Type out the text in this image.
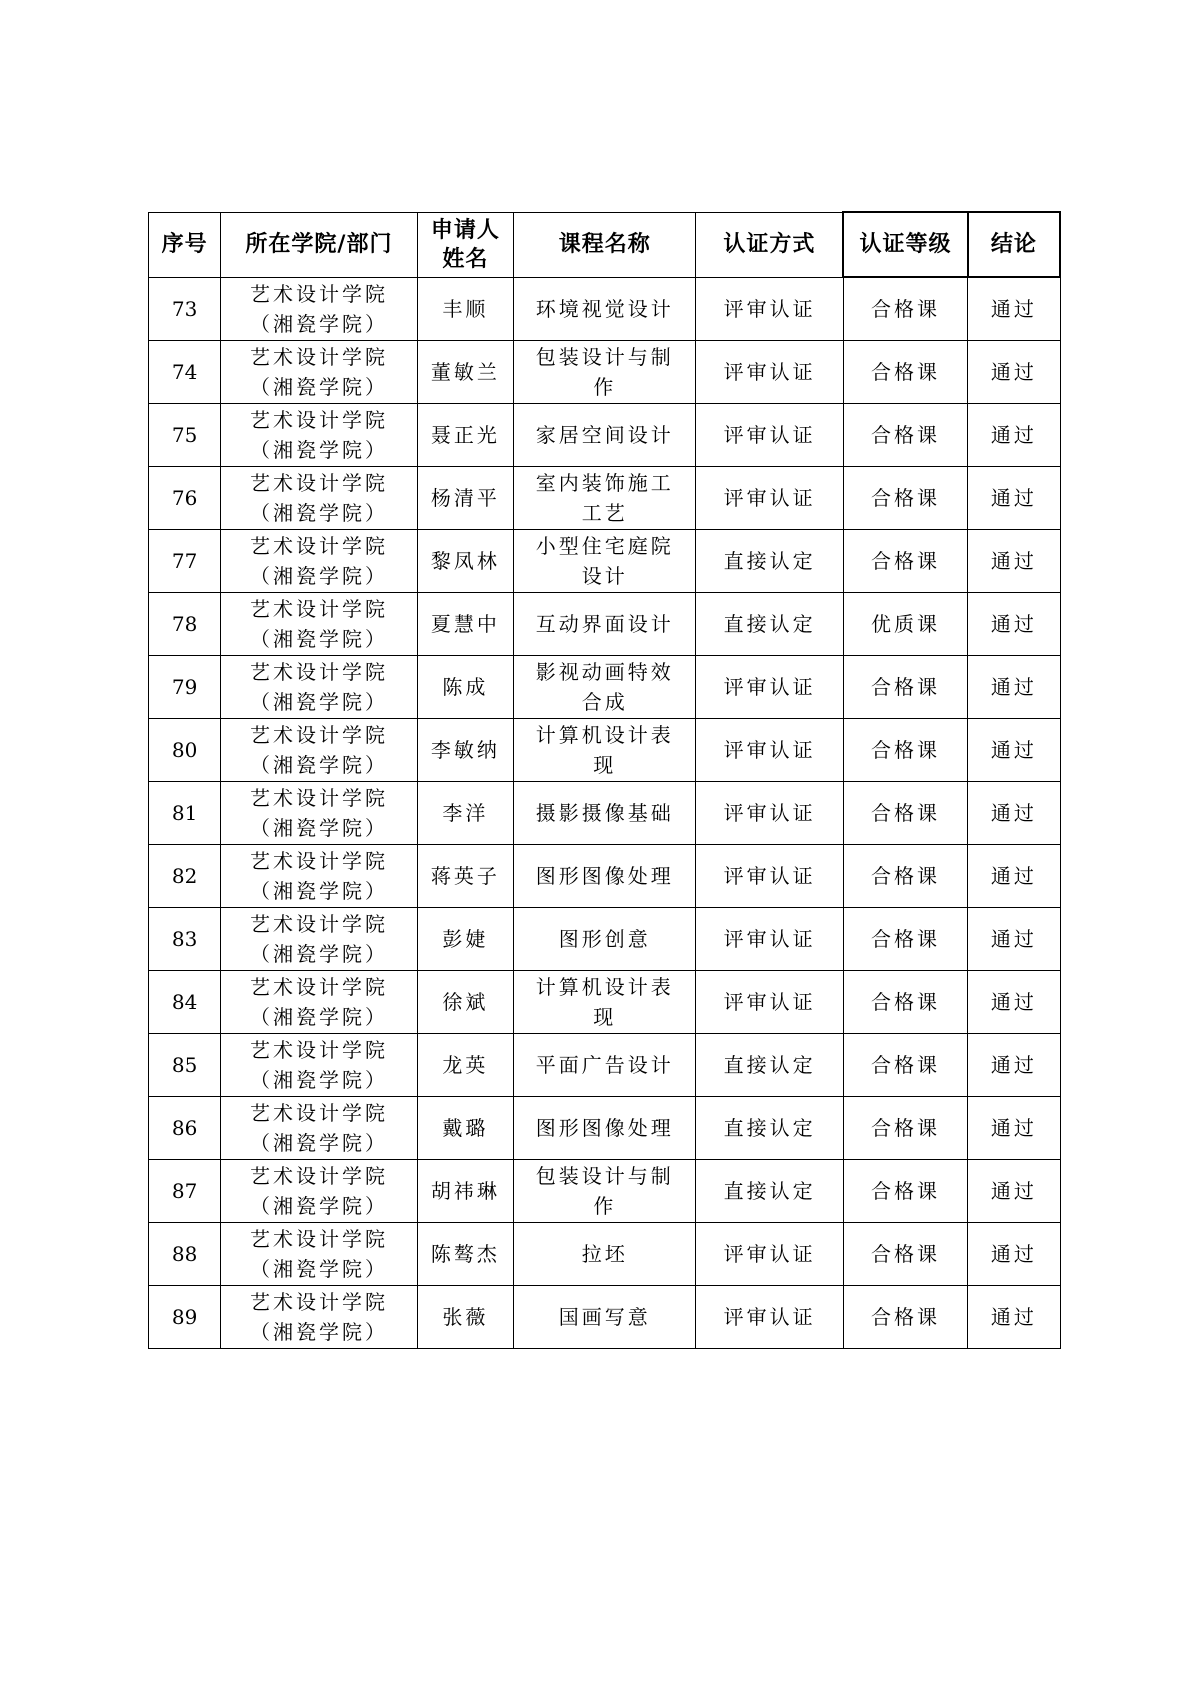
序号	所在学院/部门	申请人姓名	课程名称	认证方式	认证等级	结论
73	艺术设计学院（湘瓷学院）	丰顺	环境视觉设计	评审认证	合格课	通过
74	艺术设计学院（湘瓷学院）	董敏兰	包装设计与制作	评审认证	合格课	通过
75	艺术设计学院（湘瓷学院）	聂正光	家居空间设计	评审认证	合格课	通过
76	艺术设计学院（湘瓷学院）	杨清平	室内装饰施工工艺	评审认证	合格课	通过
77	艺术设计学院（湘瓷学院）	黎凤林	小型住宅庭院设计	直接认定	合格课	通过
78	艺术设计学院（湘瓷学院）	夏慧中	互动界面设计	直接认定	优质课	通过
79	艺术设计学院（湘瓷学院）	陈成	影视动画特效合成	评审认证	合格课	通过
80	艺术设计学院（湘瓷学院）	李敏纳	计算机设计表现	评审认证	合格课	通过
81	艺术设计学院（湘瓷学院）	李洋	摄影摄像基础	评审认证	合格课	通过
82	艺术设计学院（湘瓷学院）	蒋英子	图形图像处理	评审认证	合格课	通过
83	艺术设计学院（湘瓷学院）	彭婕	图形创意	评审认证	合格课	通过
84	艺术设计学院（湘瓷学院）	徐斌	计算机设计表现	评审认证	合格课	通过
85	艺术设计学院（湘瓷学院）	龙英	平面广告设计	直接认定	合格课	通过
86	艺术设计学院（湘瓷学院）	戴璐	图形图像处理	直接认定	合格课	通过
87	艺术设计学院（湘瓷学院）	胡祎琳	包装设计与制作	直接认定	合格课	通过
88	艺术设计学院（湘瓷学院）	陈骜杰	拉坯	评审认证	合格课	通过
89	艺术设计学院（湘瓷学院）	张薇	国画写意	评审认证	合格课	通过
